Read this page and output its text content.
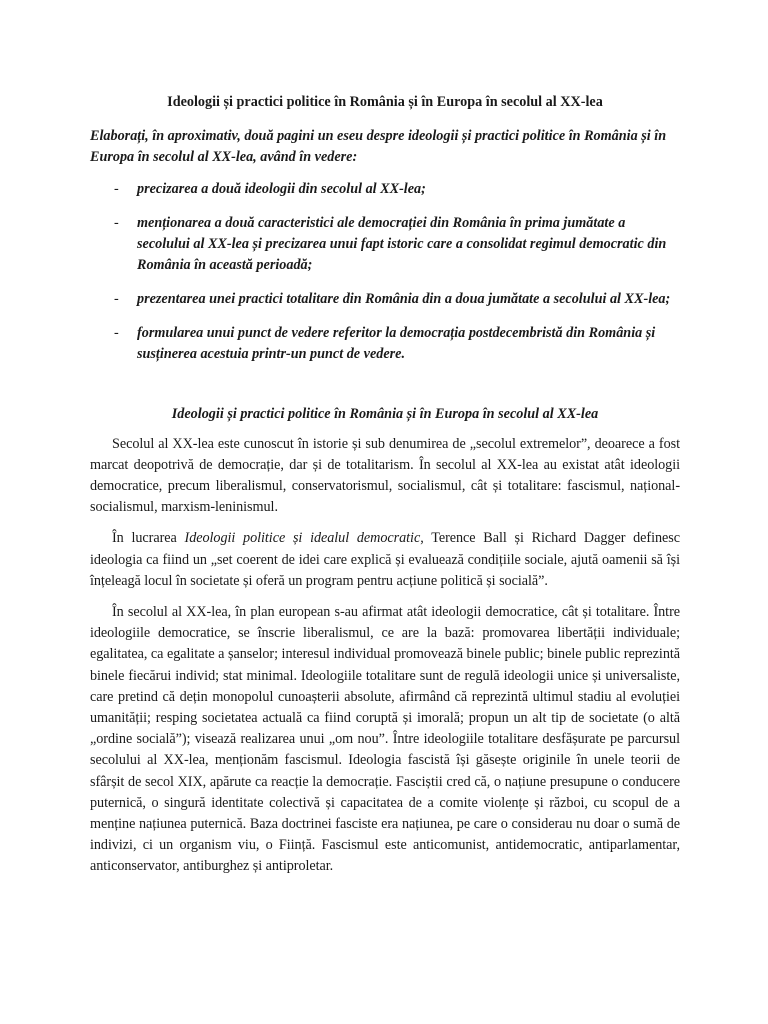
Ideologii și practici politice în România și în Europa în secolul al XX-lea
Elaborați, în aproximativ, două pagini un eseu despre ideologii și practici politice în România și în Europa în secolul al XX-lea, având în vedere:
- precizarea a două ideologii din secolul al XX-lea;
- menționarea a două caracteristici ale democrației din România în prima jumătate a secolului al XX-lea și precizarea unui fapt istoric care a consolidat regimul democratic din România în această perioadă;
- prezentarea unei practici totalitare din România din a doua jumătate a secolului al XX-lea;
- formularea unui punct de vedere referitor la democrația postdecembristă din România și susținerea acestuia printr-un punct de vedere.
Ideologii și practici politice în România și în Europa în secolul al XX-lea

Secolul al XX-lea este cunoscut în istorie și sub denumirea de „secolul extremelor”, deoarece a fost marcat deopotrivă de democrație, dar și de totalitarism. În secolul al XX-lea au existat atât ideologii democratice, precum liberalismul, conservatorismul, socialismul, cât și totalitare: fascismul, național-socialismul, marxism-leninismul.

În lucrarea Ideologii politice și idealul democratic, Terence Ball și Richard Dagger definesc ideologia ca fiind un „set coerent de idei care explică și evaluează condițiile sociale, ajută oamenii să își înțeleagă locul în societate și oferă un program pentru acțiune politică și socială”.

În secolul al XX-lea, în plan european s-au afirmat atât ideologii democratice, cât și totalitare. Între ideologiile democratice, se înscrie liberalismul, ce are la bază: promovarea libertății individuale; egalitatea, ca egalitate a șanselor; interesul individual promovează binele public; binele public reprezintă binele fiecărui individ; stat minimal. Ideologiile totalitare sunt de regulă ideologii unice și universaliste, care pretind că dețin monopolul cunoașterii absolute, afirmând că reprezintă ultimul stadiu al evoluției umanității; resping societatea actuală ca fiind coruptă și imorală; propun un alt tip de societate (o altă „ordine socială”); visează realizarea unui „om nou”. Între ideologiile totalitare desfășurate pe parcursul secolului al XX-lea, menționăm fascismul. Ideologia fascistă își găsește originile în unele teorii de sfârșit de secol XIX, apărute ca reacție la democrație. Fasciștii cred că, o națiune presupune o conducere puternică, o singură identitate colectivă și capacitatea de a comite violențe și război, cu scopul de a menține națiunea puternică. Baza doctrinei fasciste era națiunea, pe care o considerau nu doar o sumă de indivizi, ci un organism viu, o Ființă. Fascismul este anticomunist, antidemocratic, antiparlamentar, anticonservator, antiburghez și antiproletar.
